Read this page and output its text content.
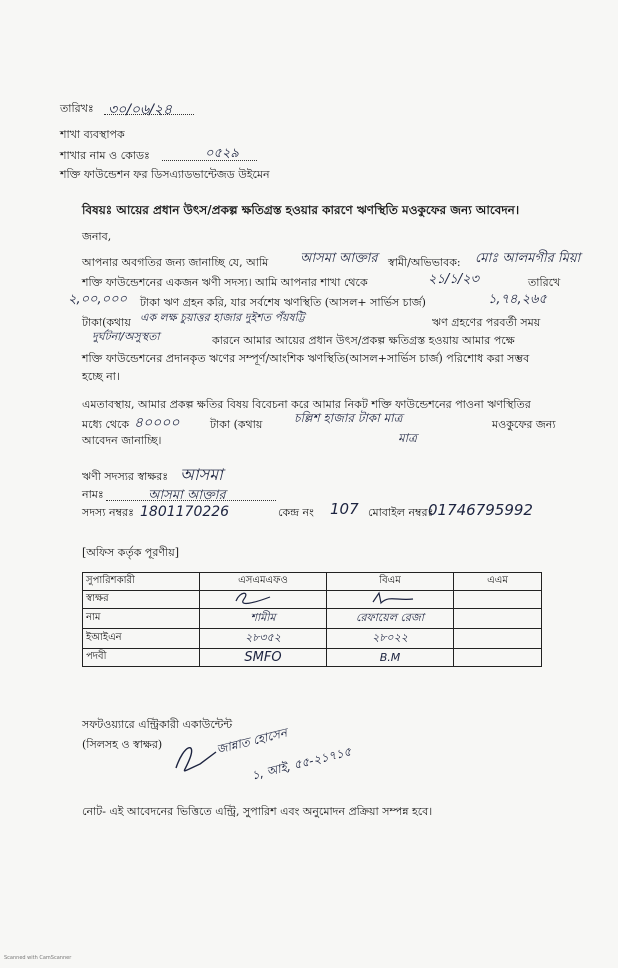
তারিখঃ ৩০/০৬/২৪
শাখা ব্যবস্থাপক
শাখার নাম ও কোডঃ	০৫২৯
শক্তি ফাউন্ডেশন ফর ডিসএ্যাডভান্টেজড উইমেন
বিষয়ঃ আয়ের প্রধান উৎস/প্রকল্প ক্ষতিগ্রস্ত হওয়ার কারণে ঋণস্থিতি মওকুফের জন্য আবেদন।
জনাব,
আপনার অবগতির জন্য জানাচ্ছি যে, আমি আসমা আক্তার স্বামী/অভিভাবক: মোঃ আলমগীর মিয়া
শক্তি ফাউন্ডেশনের একজন ঋণী সদস্য। আমি আপনার শাখা থেকে	২১/১/২৩	তারিখে
২,০০,০০০ টাকা ঋণ গ্রহন করি, যার সর্বশেষ ঋণস্থিতি (আসল+ সার্ভিস চার্জ)	১,৭৪,২৬৫
টাকা(কথায় এক লক্ষ চুয়াত্তর হাজার দুইশত পঁয়ষট্টি	ঋণ গ্রহণের পরবর্তী সময়
দুর্ঘটনা/অসুস্থতা	কারনে আমার আয়ের প্রধান উৎস/প্রকল্প ক্ষতিগ্রস্ত হওয়ায় আমার পক্ষে
শক্তি ফাউন্ডেশনের প্রদানকৃত ঋণের সম্পূর্ণ/আংশিক ঋণস্থিতি(আসল+সার্ভিস চার্জ) পরিশোধ করা সম্ভব
হচ্ছে না।
এমতাবস্থায়, আমার প্রকল্প ক্ষতির বিষয় বিবেচনা করে আমার নিকট শক্তি ফাউন্ডেশনের পাওনা ঋণস্থিতির
মধ্যে থেকে ৪০০০০	টাকা (কথায়	চল্লিশ হাজার টাকা মাত্র	মওকুফের জন্য
আবেদন জানাচ্ছি।	মাত্র
ঋণী সদস্যর স্বাক্ষরঃ আসমা
নামঃ	আসমা আক্তার
সদস্য নম্বরঃ 1801170226	কেন্দ্র নং 107 মোবাইল নম্বরঃ
01746795992
[অফিস কর্তৃক পূরণীয়]
সুপারিশকারী	এসএমএফও	বিএম	এএম
স্বাক্ষর	

নাম	শামীম	রেফায়েল রেজা	
ইআইএন	২৮৩৫২	২৮০২২	
পদবী	SMFO	B.M	
সফটওয়্যারে এন্ট্রিকারী একাউন্টেন্ট
(সিলসহ ও স্বাক্ষর)	জান্নাত হোসেন
১, আই, ৫৫-২১৭১৫
নোট- এই আবেদনের ভিত্তিতে এন্ট্রি, সুপারিশ এবং অনুমোদন প্রক্রিয়া সম্পন্ন হবে।
Scanned with CamScanner
